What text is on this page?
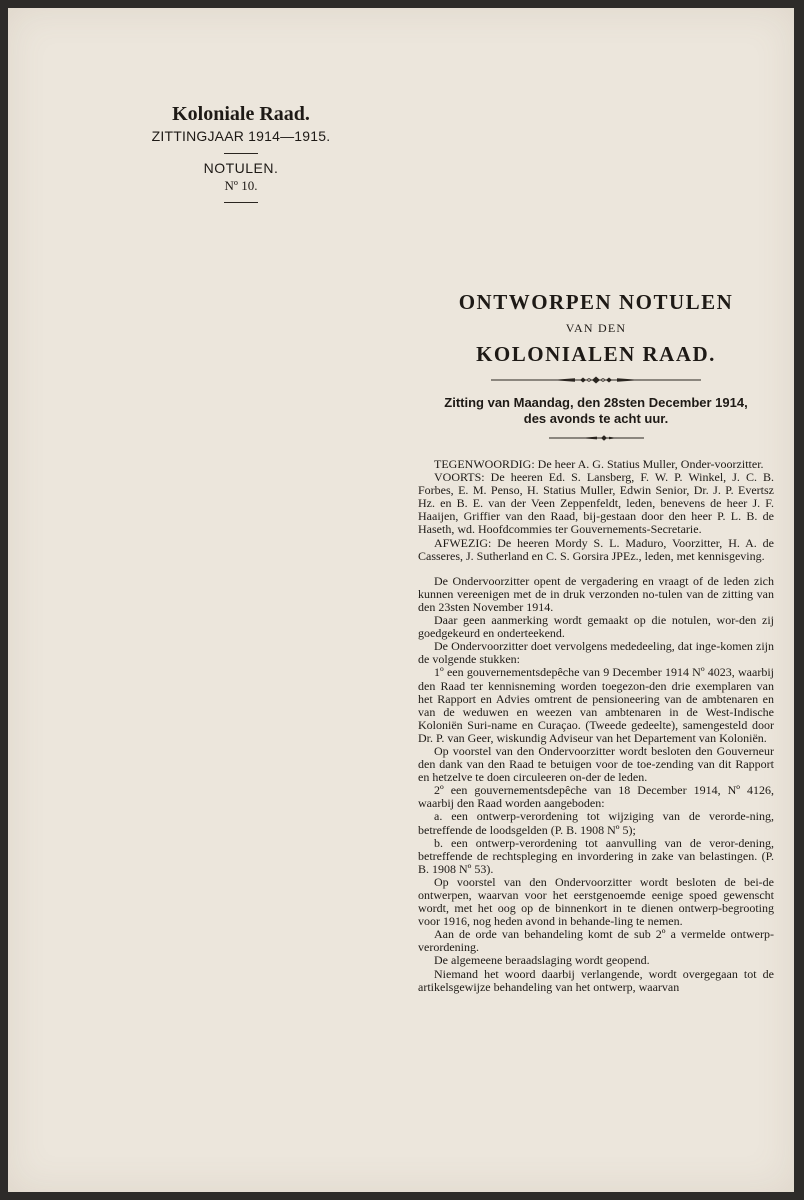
Koloniale Raad.
ZITTINGJAAR 1914—1915.
NOTULEN.
Nº 10.
ONTWORPEN NOTULEN
VAN DEN
KOLONIALEN RAAD.
Zitting van Maandag, den 28sten December 1914,
des avonds te acht uur.

TEGENWOORDIG: De heer A. G. Statius Muller, Onder-voorzitter.

VOORTS: De heeren Ed. S. Lansberg, F. W. P. Winkel, J. C. B. Forbes, E. M. Penso, H. Statius Muller, Edwin Senior, Dr. J. P. Evertsz Hz. en B. E. van der Veen Zeppenfeldt, leden, benevens de heer J. F. Haaijen, Griffier van den Raad, bij-gestaan door den heer P. L. B. de Haseth, wd. Hoofdcommies ter Gouvernements-Secretarie.

AFWEZIG: De heeren Mordy S. L. Maduro, Voorzitter, H. A. de Casseres, J. Sutherland en C. S. Gorsira JPEz., leden, met kennisgeving.

De Ondervoorzitter opent de vergadering en vraagt of de leden zich kunnen vereenigen met de in druk verzonden no-tulen van de zitting van den 23sten November 1914.

Daar geen aanmerking wordt gemaakt op die notulen, wor-den zij goedgekeurd en onderteekend.

De Ondervoorzitter doet vervolgens mededeeling, dat inge-komen zijn de volgende stukken:

1º een gouvernementsdepêche van 9 December 1914 Nº 4023, waarbij den Raad ter kennisneming worden toegezon-den drie exemplaren van het Rapport en Advies omtrent de pensioneering van de ambtenaren en van de weduwen en weezen van ambtenaren in de West-Indische Koloniën Suri-name en Curaçao. (Tweede gedeelte), samengesteld door Dr. P. van Geer, wiskundig Adviseur van het Departement van Koloniën.

Op voorstel van den Ondervoorzitter wordt besloten den Gouverneur den dank van den Raad te betuigen voor de toe-zending van dit Rapport en hetzelve te doen circuleeren on-der de leden.

2º een gouvernementsdepêche van 18 December 1914, Nº 4126, waarbij den Raad worden aangeboden:

a. een ontwerp-verordening tot wijziging van de verorde-ning, betreffende de loodsgelden (P. B. 1908 Nº 5);

b. een ontwerp-verordening tot aanvulling van de veror-dening, betreffende de rechtspleging en invordering in zake van belastingen. (P. B. 1908 Nº 53).

Op voorstel van den Ondervoorzitter wordt besloten de bei-de ontwerpen, waarvan voor het eerstgenoemde eenige spoed gewenscht wordt, met het oog op de binnenkort in te dienen ontwerp-begrooting voor 1916, nog heden avond in behande-ling te nemen.

Aan de orde van behandeling komt de sub 2º a vermelde ontwerp-verordening.

De algemeene beraadslaging wordt geopend.

Niemand het woord daarbij verlangende, wordt overgegaan tot de artikelsgewijze behandeling van het ontwerp, waarvan
